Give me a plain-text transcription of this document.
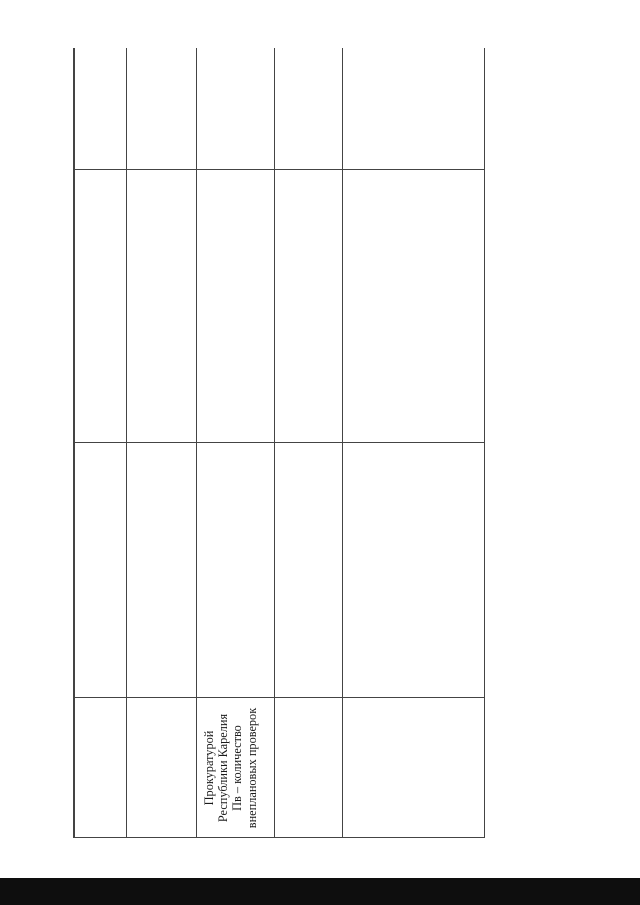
Прокуратурой Республики Карелия Пв – количество внеплановых проверок
